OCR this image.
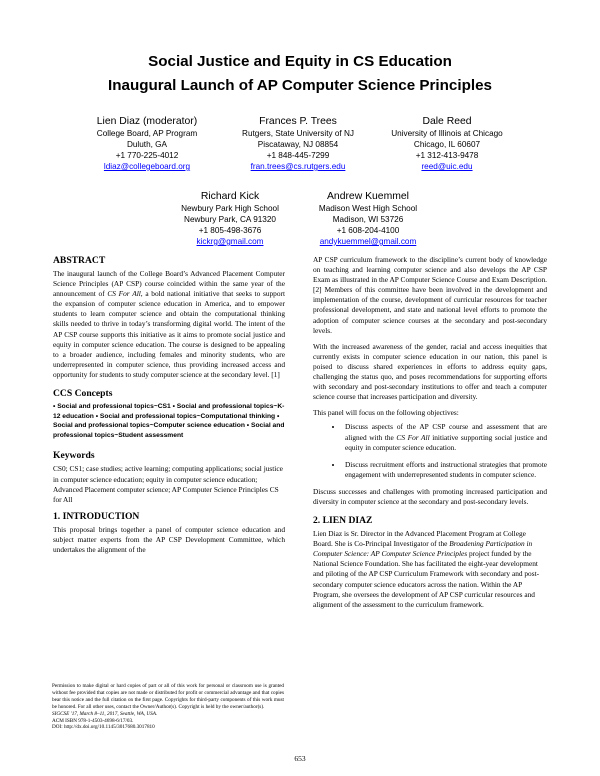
Social Justice and Equity in CS Education
Inaugural Launch of AP Computer Science Principles
Lien Diaz (moderator)
College Board, AP Program
Duluth, GA
+1 770-225-4012
ldiaz@collegeboard.org
Frances P. Trees
Rutgers, State University of NJ
Piscataway, NJ 08854
+1 848-445-7299
fran.trees@cs.rutgers.edu
Dale Reed
University of Illinois at Chicago
Chicago, IL 60607
+1 312-413-9478
reed@uic.edu
Richard Kick
Newbury Park High School
Newbury Park, CA 91320
+1 805-498-3676
kickrg@gmail.com
Andrew Kuemmel
Madison West High School
Madison, WI 53726
+1 608-204-4100
andykuemmel@gmail.com
ABSTRACT

The inaugural launch of the College Board’s Advanced Placement Computer Science Principles (AP CSP) course coincided within the same year of the announcement of CS For All, a bold national initiative that seeks to support the expansion of computer science education in America, and to empower students to learn computer science and obtain the computational thinking skills needed to thrive in today’s transforming digital world. The intent of the AP CSP course supports this initiative as it aims to promote social justice and equity in computer science education. The course is designed to be appealing to a broader audience, including females and minority students, who are underrepresented in computer science, thus providing increased access and opportunity for students to study computer science at the secondary level. [1]

CCS Concepts
• Social and professional topics~CS1 • Social and professional topics~K-12 education • Social and professional topics~Computational thinking • Social and professional topics~Computer science education • Social and professional topics~Student assessment
Keywords

CS0; CS1; case studies; active learning; computing applications; social justice in computer science education; equity in computer science education; Advanced Placement computer science; AP Computer Science Principles CS for All

1. INTRODUCTION

This proposal brings together a panel of computer science education and subject matter experts from the AP CSP Development Committee, which undertakes the alignment of the

Permission to make digital or hard copies of part or all of this work for personal or classroom use is granted without fee provided that copies are not made or distributed for profit or commercial advantage and that copies bear this notice and the full citation on the first page. Copyrights for third-party components of this work must be honored. For all other uses, contact the Owner/Author(s). Copyright is held by the owner/author(s).
SIGCSE '17, March 8–11, 2017, Seattle, WA, USA.
ACM ISBN 978-1-4503-4698-6/17/03.
DOI: http://dx.doi.org/10.1145/3017680.3017810

AP CSP curriculum framework to the discipline’s current body of knowledge on teaching and learning computer science and also develops the AP CSP Exam as illustrated in the AP Computer Science Course and Exam Description. [2] Members of this committee have been involved in the development and implementation of the course, development of curricular resources for teacher professional development, and state and national level efforts to promote the adoption of computer science courses at the secondary and post-secondary levels.

With the increased awareness of the gender, racial and access inequities that currently exists in computer science education in our nation, this panel is poised to discuss shared experiences in efforts to address equity gaps, challenging the status quo, and poses recommendations for supporting efforts with secondary and post-secondary institutions to offer and teach a computer science course that increases participation and diversity.

This panel will focus on the following objectives:

• Discuss aspects of the AP CSP course and assessment that are aligned with the CS For All initiative supporting social justice and equity in computer science education.
• Discuss recruitment efforts and instructional strategies that promote engagement with underrepresented students in computer science.

Discuss successes and challenges with promoting increased participation and diversity in computer science at the secondary and post-secondary levels.

2. LIEN DIAZ

Lien Diaz is Sr. Director in the Advanced Placement Program at College Board. She is Co-Principal Investigator of the Broadening Participation in Computer Science: AP Computer Science Principles project funded by the National Science Foundation. She has facilitated the eight-year development and piloting of the AP CSP Curriculum Framework with secondary and post-secondary computer science educators across the nation. Within the AP Program, she oversees the development of AP CSP curricular resources and alignment of the assessment to the curriculum framework.

653
